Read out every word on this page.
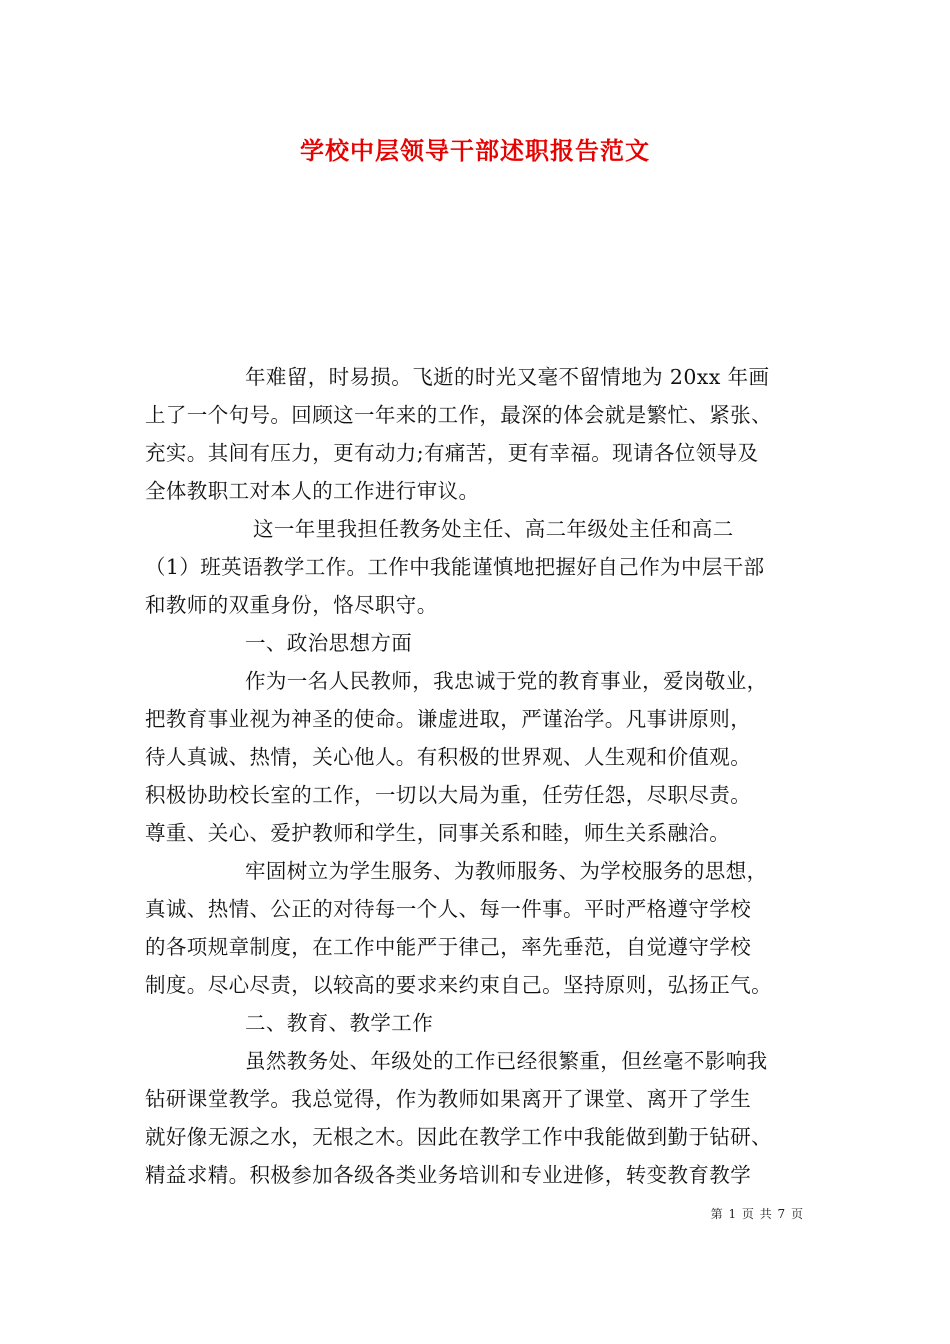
学校中层领导干部述职报告范文
年难留，时易损。飞逝的时光又毫不留情地为 20xx 年画
上了一个句号。回顾这一年来的工作，最深的体会就是繁忙、紧张、
充实。其间有压力，更有动力;有痛苦，更有幸福。现请各位领导及
全体教职工对本人的工作进行审议。
这一年里我担任教务处主任、高二年级处主任和高二
（1）班英语教学工作。工作中我能谨慎地把握好自己作为中层干部
和教师的双重身份，恪尽职守。
一、政治思想方面
作为一名人民教师，我忠诚于党的教育事业，爱岗敬业，
把教育事业视为神圣的使命。谦虚进取，严谨治学。凡事讲原则，
待人真诚、热情，关心他人。有积极的世界观、人生观和价值观。
积极协助校长室的工作，一切以大局为重，任劳任怨，尽职尽责。
尊重、关心、爱护教师和学生，同事关系和睦，师生关系融洽。
牢固树立为学生服务、为教师服务、为学校服务的思想，
真诚、热情、公正的对待每一个人、每一件事。平时严格遵守学校
的各项规章制度，在工作中能严于律己，率先垂范，自觉遵守学校
制度。尽心尽责，以较高的要求来约束自己。坚持原则，弘扬正气。
二、教育、教学工作
虽然教务处、年级处的工作已经很繁重，但丝毫不影响我
钻研课堂教学。我总觉得，作为教师如果离开了课堂、离开了学生
就好像无源之水，无根之木。因此在教学工作中我能做到勤于钻研、
精益求精。积极参加各级各类业务培训和专业进修，转变教育教学
第 1 页 共 7 页
